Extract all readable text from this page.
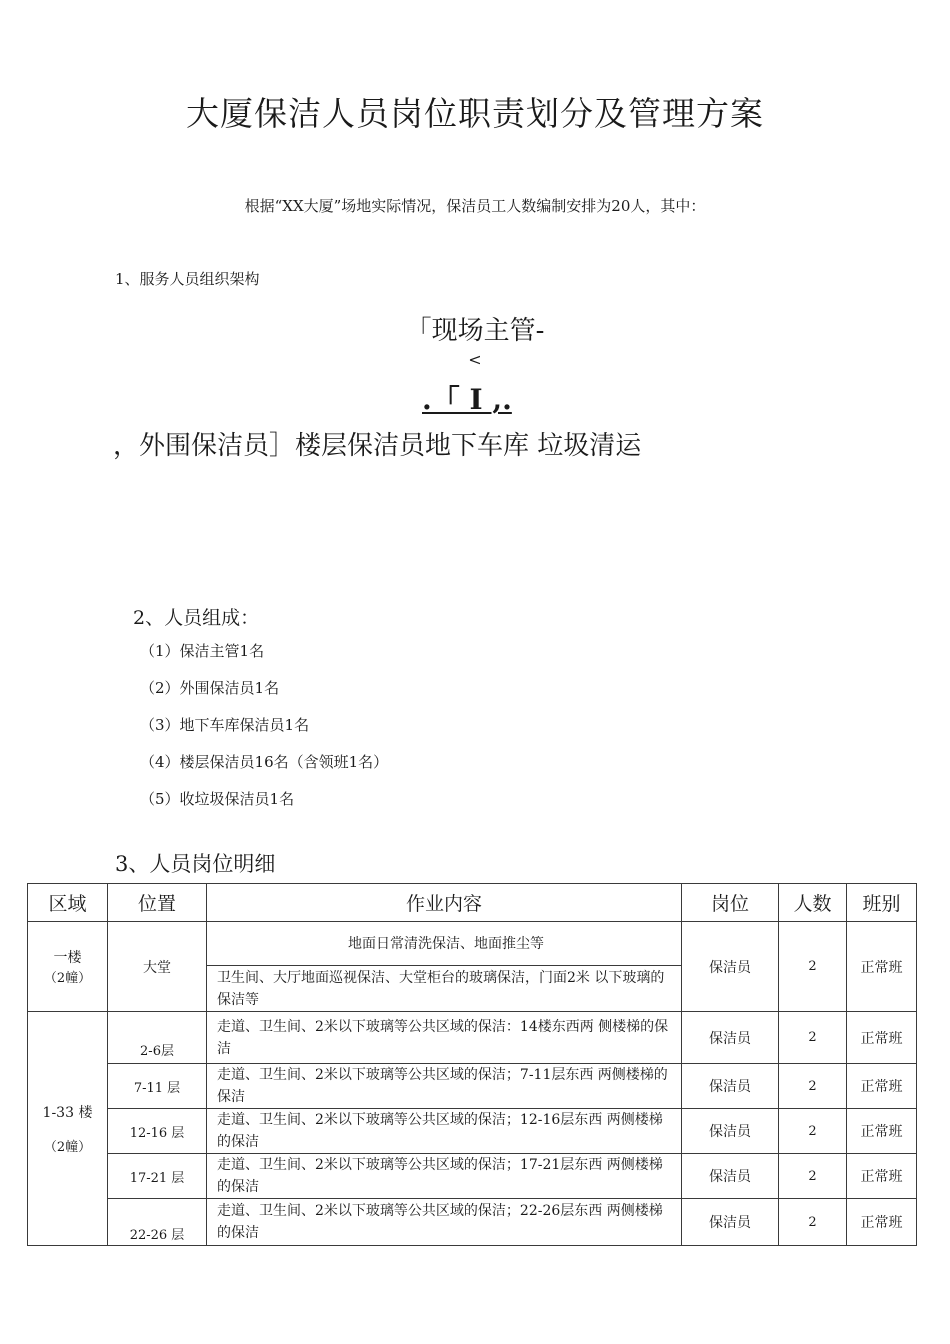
大厦保洁人员岗位职责划分及管理方案
根据“XX大厦”场地实际情况，保洁员工人数编制安排为20人，其中：
1、服务人员组织架构
「现场主管-
<
.「 I ,.
，外围保洁员］楼层保洁员地下车库 垃圾清运
2、人员组成：
（1）保洁主管1名
（2）外围保洁员1名
（3）地下车库保洁员1名
（4）楼层保洁员16名（含领班1名）
（5）收垃圾保洁员1名
3、人员岗位明细
区域	位置	作业内容	岗位	人数	班别

一楼
（2幢）	大堂	地面日常清洗保洁、地面推尘等	保洁员	2	正常班
		卫生间、大厅地面巡视保洁、大堂柜台的玻璃保洁，门面2米 以下玻璃的保洁等			

1-33 楼
（2幢）	2-6层	走道、卫生间、2米以下玻璃等公共区域的保洁：14楼东西两 侧楼梯的保洁	保洁员	2	正常班
	7-11 层	走道、卫生间、2米以下玻璃等公共区域的保洁；7-11层东西 两侧楼梯的保洁	保洁员	2	正常班
	12-16 层	走道、卫生间、2米以下玻璃等公共区域的保洁；12-16层东西 两侧楼梯的保洁	保洁员	2	正常班
	17-21 层	走道、卫生间、2米以下玻璃等公共区域的保洁；17-21层东西 两侧楼梯的保洁	保洁员	2	正常班
	22-26 层	走道、卫生间、2米以下玻璃等公共区域的保洁；22-26层东西 两侧楼梯的保洁	保洁员	2	正常班
